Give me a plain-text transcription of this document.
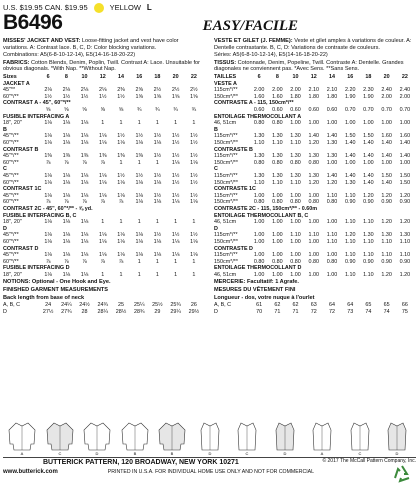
U.S. $19.95 CAN. $19.95	YELLOW L
B6496	EASY/FACILE

MISSES' JACKET AND VEST: Loose-fitting jacket and vest have color variations. A: Contrast lace. B, C, D: Color blocking variations.

Combinations: A5(6-8-10-12-14), E5(14-16-18-20-22)

FABRICS: Cotton Blends, Denim, Poplin, Twill. Contrast A: Lace. Unsuitable for obvious diagonals. *With Nap. **Without Nap.

Sizes	6	8	10	12	14	16	18	20	22
JACKET A									
45"**	2⅛	2⅛	2⅛	2⅛	2⅜	2⅝	2½	2½	2½
60"*/**	1½	1½	1½	1½	1½	1⅝	1⅝	1⅝	1⅝
CONTRAST A - 45", 60"*/**									
	⅝	⅝	⅝	⅝	⅝	¾	¾	¾	¾
FUSIBLE INTERFACING A									
18", 20"	1⅛	1⅛	1⅛	1	1	1	1	1	1
B									
45"*/**	1⅛	1⅛	1⅛	1⅛	1½	1½	1½	1½	1½
60"*/**	1⅛	1⅛	1⅛	1⅛	1⅛	1⅛	1⅛	1½	1½
CONTRAST B									
45"*/**	1⅜	1⅜	1⅜	1⅜	1⅜	1⅜	1½	1½	1½
60"*/**	⅞	⅞	⅞	⅞	1	1	1	1⅛	1⅛
C									
45"*/**	1⅛	1⅛	1⅛	1⅛	1½	1½	1½	1½	1½
60"*/**	1⅛	1⅛	1⅛	1⅛	1⅛	1⅛	1⅛	1½	1½
CONTRAST 1C									
45"*/**	1⅛	1⅛	1⅛	1⅛	1⅛	1⅛	1½	1½	1½
60"*/**	⅞	⅞	⅞	⅞	⅞	1⅛	1⅛	1⅛	1⅛
CONTRAST 2C - 45", 60"*/** - ⅝ yd.									
FUSIBLE INTERFACING B, C									
18", 20"	1⅛	1⅛	1⅛	1	1	1	1	1	1
D									
45"*/**	1⅛	1⅛	1⅛	1⅛	1⅛	1⅛	1½	1½	1½
60"*/**	1⅛	1⅛	1⅛	1⅛	1⅛	1⅛	1⅛	1⅛	1⅛
CONTRAST D									
45"*/**	1⅛	1⅛	1⅛	1⅛	1⅛	1⅛	1⅛	1⅛	1⅛
60"*/**	⅞	⅞	⅞	⅞	⅞	1	1	1	1
FUSIBLE INTERFACING D									
18", 20"	1⅛	1⅛	1⅛	1	1	1	1	1	1

NOTIONS: Optional - One Hook and Eye.

FINISHED GARMENT MEASUREMENTS

Back length from base of neck

A, B, C	24	24¼	24½	24¾	25	25¼	25½	25¾	26
D	27½	27¾	28	28¼	28½	28¾	29	29¼	29½

VESTE ET GILET (J. FEMME): Veste et gilet amples à variations de couleur. A: Dentelle contrastante. B, C, D: Variations de contraste de couleurs.

Séries: A5(6-8-10-12-14), E5(14-16-18-20-22)

TISSUS: Cotonnade, Denim, Popeline, Twill. Contraste A: Dentelle. Grandes diagonales ne conviennent pas. *Avec Sens. **Sans Sens.

TAILLES	6	8	10	12	14	16	18	20	22
VESTE A									
115cm*/**	2.00	2.00	2.00	2.10	2.10	2.20	2.30	2.40	2.40
150cm*/**	1.60	1.60	1.80	1.80	1.80	1.90	1.90	2.00	2.00
CONTRASTE A - 115, 150cm*/**									
	0.60	0.60	0.60	0.60	0.60	0.70	0.70	0.70	0.70
ENTOILAGE THERMOCOLLANT A									
46, 51cm	0.80	0.80	1.00	1.00	1.00	1.00	1.00	1.00	1.00
B									
115cm*/**	1.30	1.30	1.30	1.40	1.40	1.50	1.50	1.60	1.60
150cm*/**	1.10	1.10	1.10	1.20	1.30	1.40	1.40	1.40	1.40
CONTRASTE B									
115cm*/**	1.30	1.30	1.30	1.30	1.30	1.40	1.40	1.40	1.40
150cm*/**	0.80	0.80	0.80	0.80	1.00	1.00	1.00	1.00	1.00
C									
115cm*/**	1.30	1.30	1.30	1.30	1.40	1.40	1.40	1.50	1.50
150cm*/**	1.10	1.10	1.10	1.20	1.20	1.30	1.40	1.40	1.50
CONTRASTE 1C									
115cm*/**	1.00	1.00	1.00	1.00	1.10	1.10	1.20	1.20	1.20
150cm*/**	0.80	0.80	0.80	0.80	0.80	0.90	0.90	0.90	0.90
CONTRASTE 2C - 115, 150cm*/** - 0.60m									
ENTOILAGE THERMOCOLLANT B, C									
46, 51cm	1.00	1.00	1.00	1.00	1.00	1.10	1.10	1.20	1.20
D									
115cm*/**	1.00	1.00	1.10	1.10	1.10	1.20	1.30	1.30	1.30
150cm*/**	1.00	1.00	1.00	1.00	1.10	1.10	1.10	1.10	1.10
CONTRASTE D									
115cm*/**	1.00	1.00	1.00	1.00	1.00	1.10	1.10	1.10	1.10
150cm*/**	0.80	0.80	0.80	0.80	0.80	0.90	0.90	0.90	0.90
ENTOILAGE THERMOCOLLANT D									
46, 51cm	1.00	1.00	1.00	1.00	1.00	1.10	1.10	1.20	1.20

MERCERIE: Facultatif: 1 Agrafe.

MESURES DU VÊTEMENT FINI

Longueur - dos, votre nuque à l'ourlet

A, B, C	61	62	62	63	64	64	65	65	66
D	70	71	71	72	72	73	74	74	75
A	C	D	B	B	D	C	D	A	C	D
BUTTERICK PATTERN, 120 BROADWAY, NEW YORK 10271	© 2017 The McCall Pattern Company, Inc.
www.butterick.com	PRINTED IN U.S.A. FOR INDIVIDUAL HOME USE ONLY AND NOT FOR COMMERCIAL
